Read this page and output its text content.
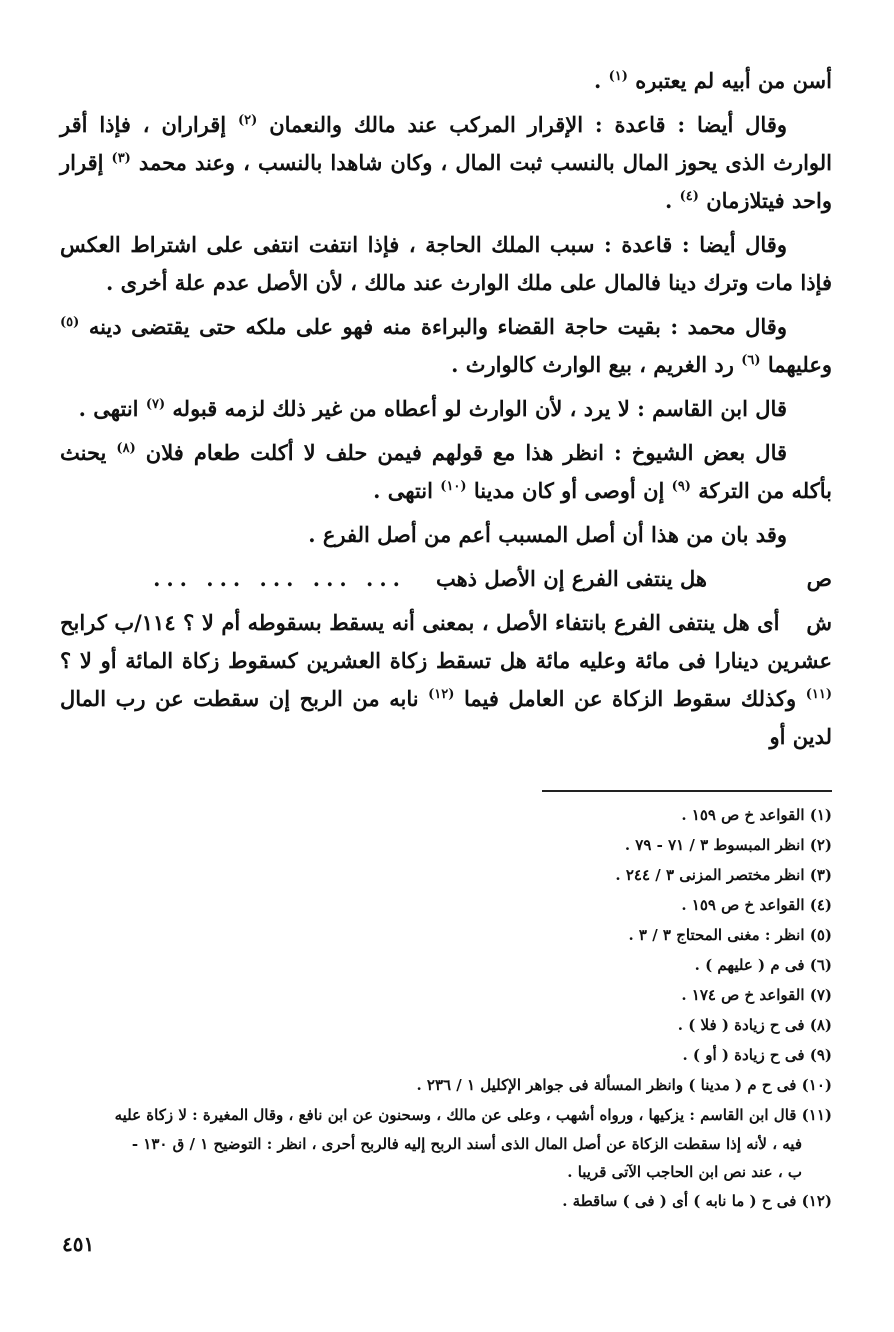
أسن من أبيه لم يعتبره $^{(١)}$ .

وقال أيضا : قاعدة : الإقرار المركب عند مالك والنعمان $^{(٢)}$ إقراران ، فإذا أقر الوارث الذى يحوز المال بالنسب ثبت المال ، وكان شاهدا بالنسب ، وعند محمد $^{(٣)}$ إقرار واحد فيتلازمان $^{(٤)}$ .

وقال أيضا : قاعدة : سبب الملك الحاجة ، فإذا انتفت انتفى على اشتراط العكس فإذا مات وترك دينا فالمال على ملك الوارث عند مالك ، لأن الأصل عدم علة أخرى .

وقال محمد : بقيت حاجة القضاء والبراءة منه فهو على ملكه حتى يقتضى دينه $^{(٥)}$ وعليهما $^{(٦)}$ رد الغريم ، بيع الوارث كالوارث .

قال ابن القاسم : لا يرد ، لأن الوارث لو أعطاه من غير ذلك لزمه قبوله $^{(٧)}$ انتهى .

قال بعض الشيوخ : انظر هذا مع قولهم فيمن حلف لا أكلت طعام فلان $^{(٨)}$ يحنث بأكله من التركة $^{(٩)}$ إن أوصى أو كان مدينا $^{(١٠)}$ انتهى .

وقد بان من هذا أن أصل المسبب أعم من أصل الفرع .

ص
هل ينتفى الفرع إن الأصل ذهب
... ... ... ... ...

ش أى هل ينتفى الفرع بانتفاء الأصل ، بمعنى أنه يسقط بسقوطه أم لا ؟ ١١٤/ب كرابح عشرين دينارا فى مائة وعليه مائة هل تسقط زكاة العشرين كسقوط زكاة المائة أو لا ؟ $^{(١١)}$ وكذلك سقوط الزكاة عن العامل فيما $^{(١٢)}$ نابه من الربح إن سقطت عن رب المال لدين أو

(١) القواعد خ ص ١٥٩ .

(٢) انظر المبسوط ٣ / ٧١ - ٧٩ .

(٣) انظر مختصر المزنى ٣ / ٢٤٤ .

(٤) القواعد خ ص ١٥٩ .

(٥) انظر : مغنى المحتاج ٣ / ٣ .

(٦) فى م ( عليهم ) .

(٧) القواعد خ ص ١٧٤ .

(٨) فى ح زيادة ( فلا ) .

(٩) فى ح زيادة ( أو ) .

(١٠) فى ح م ( مدينا ) وانظر المسألة فى جواهر الإكليل ١ / ٢٣٦ .

(١١) قال ابن القاسم : يزكيها ، ورواه أشهب ، وعلى عن مالك ، وسحنون عن ابن نافع ، وقال المغيرة : لا زكاة عليه

فيه ، لأنه إذا سقطت الزكاة عن أصل المال الذى أسند الربح إليه فالربح أحرى ، انظر : التوضيح ١ / ق ١٣٠ -

ب ، عند نص ابن الحاجب الآتى قريبا .

(١٢) فى ح ( ما نابه ) أى ( فى ) ساقطة .

٤٥١
